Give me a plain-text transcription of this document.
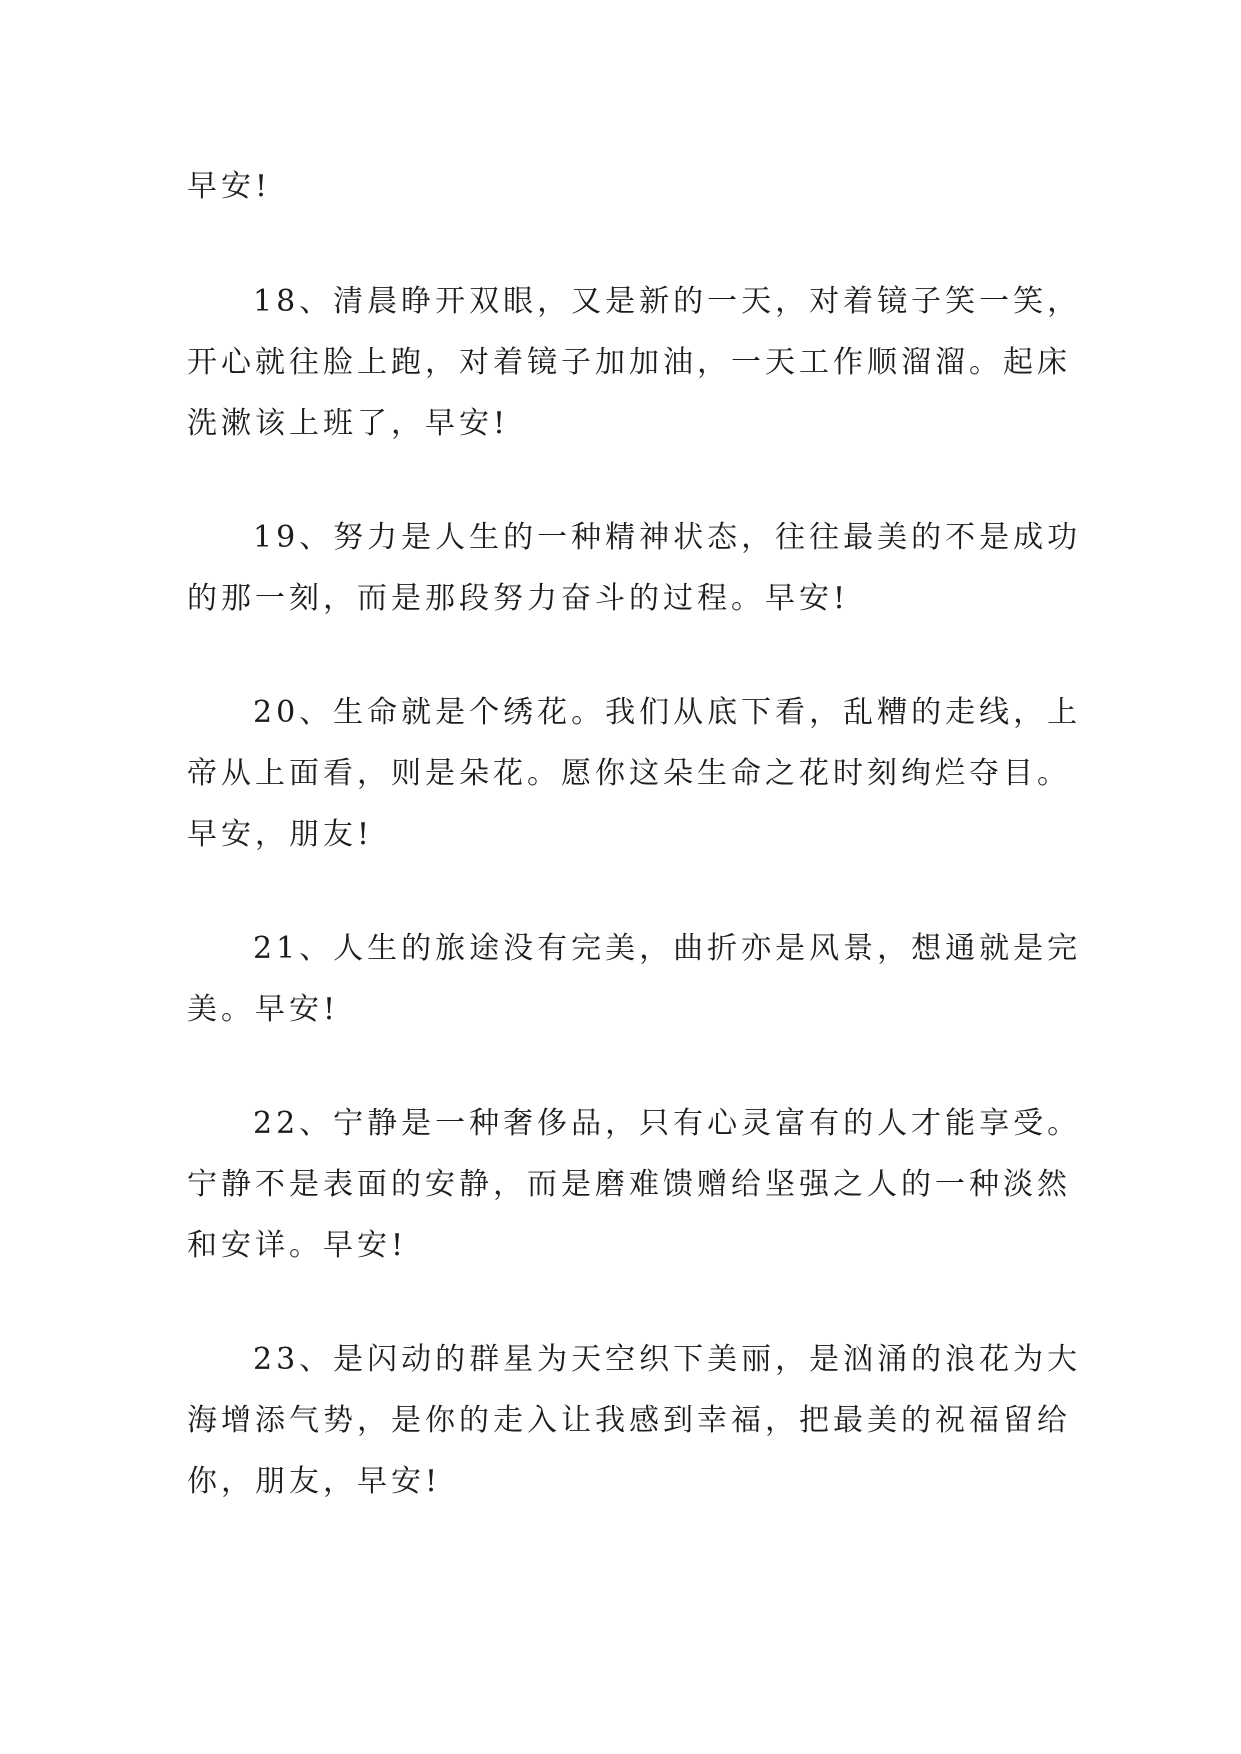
早安!

18、清晨睁开双眼，又是新的一天，对着镜子笑一笑，

开心就往脸上跑，对着镜子加加油，一天工作顺溜溜。起床

洗漱该上班了，早安!

19、努力是人生的一种精神状态，往往最美的不是成功

的那一刻，而是那段努力奋斗的过程。早安!

20、生命就是个绣花。我们从底下看，乱糟的走线，上

帝从上面看，则是朵花。愿你这朵生命之花时刻绚烂夺目。

早安，朋友!

21、人生的旅途没有完美，曲折亦是风景，想通就是完

美。早安!

22、宁静是一种奢侈品，只有心灵富有的人才能享受。

宁静不是表面的安静，而是磨难馈赠给坚强之人的一种淡然

和安详。早安!

23、是闪动的群星为天空织下美丽，是汹涌的浪花为大

海增添气势，是你的走入让我感到幸福，把最美的祝福留给

你，朋友，早安!
